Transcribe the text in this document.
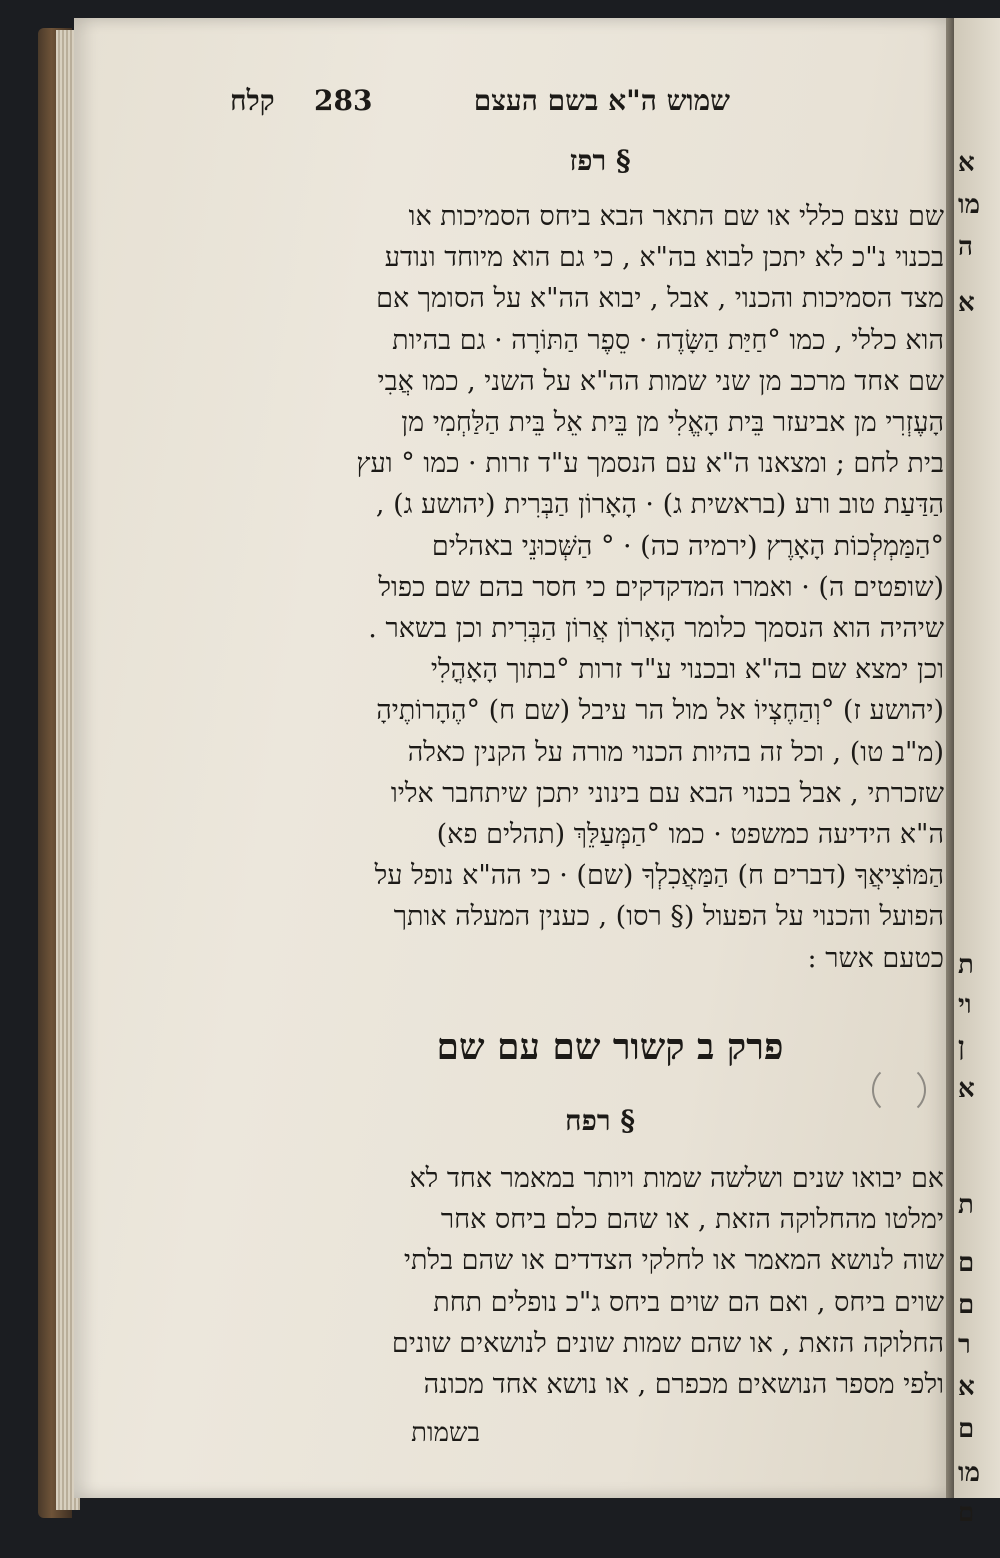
שמוש ה"א בשם העצם
283
קלח
§ רפז
שם עצם כללי או שם התאר הבא ביחס הסמיכות או
בכנוי נ"כ לא יתכן לבוא בה"א , כי גם הוא מיוחד ונודע
מצד הסמיכות והכנוי , אבל , יבוא הה"א על הסומך אם
הוא כללי , כמו °חַיַּת הַשָּׂדֶה · סֵפֶר הַתּוֹרָה · גם בהיות
שם אחד מרכב מן שני שמות הה"א על השני , כמו אֲבִי
הָעֶזְרִי מן אביעזר בֵּית הָאֱלִי מן בֵּית אֵל בֵּית הַלַּחְמִי מן
בית לחם ; ומצאנו ה"א עם הנסמך ע"ד זרות · כמו ° ועץ
הַדַּעַת טוב ורע (בראשית ג) · הָאָרוֹן הַבְּרִית (יהושע ג) ,
°הַמַּמְלְכוֹת הָאָרֶץ (ירמיה כה) · ° הַשְּׁכוּנֵי באהלים
(שופטים ה) · ואמרו המדקדקים כי חסר בהם שם כפול
שיהיה הוא הנסמך כלומר הָאָרוֹן אֲרוֹן הַבְּרִית וכן בשאר .
וכן ימצא שם בה"א ובכנוי ע"ד זרות °בתוך הָאָהֳלִי
(יהושע ז) °וְהַחֶצְיוֹ אל מול הר עיבל (שם ח) °הֶהָרוֹתֶיהָ
(מ"ב טו) , וכל זה בהיות הכנוי מורה על הקנין כאלה
שזכרתי , אבל בכנוי הבא עם בינוני יתכן שיתחבר אליו
ה"א הידיעה כמשפט · כמו °הַמְּעַלֵּךְ (תהלים פא)
הַמּוֹצִיאֲךָ (דברים ח) הַמַּאֲכִלְךָ (שם) · כי הה"א נופל על
הפועל והכנוי על הפעול (§ רסו) , כענין המעלה אותך
כטעם אשר :
פרק ב קשור שם עם שם
§ רפח
אם יבואו שנים ושלשה שמות ויותר במאמר אחד לא
ימלטו מהחלוקה הזאת , או שהם כלם ביחס אחר
שוה לנושא המאמר או לחלקי הצדדים או שהם בלתי
שוים ביחס , ואם הם שוים ביחס ג"כ נופלים תחת
החלוקה הזאת , או שהם שמות שונים לנושאים שונים
ולפי מספר הנושאים מכפרם , או נושא אחד מכונה
בשמות
א
מו
ה
א
ת
וי
ן
א
ת
ם
ם
ר
א
ם
מו
ם
